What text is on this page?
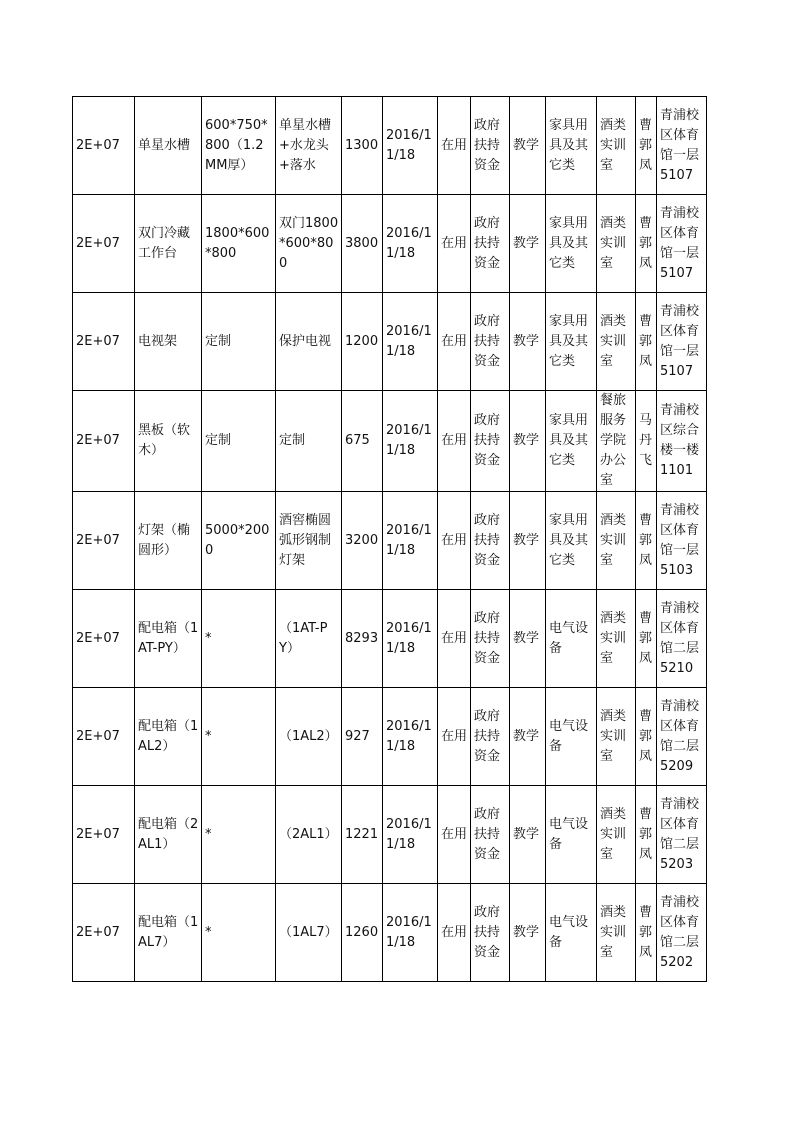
2E+07	单星水槽	600*750*800（1.2MM厚）	单星水槽+水龙头+落水	1300	2016/11/18	在用	政府扶持资金	教学	家具用具及其它类	酒类实训室	曹郭凤	青浦校区体育馆一层5107
2E+07	双门冷藏工作台	1800*600*800	双门1800*600*800	3800	2016/11/18	在用	政府扶持资金	教学	家具用具及其它类	酒类实训室	曹郭凤	青浦校区体育馆一层5107
2E+07	电视架	定制	保护电视	1200	2016/11/18	在用	政府扶持资金	教学	家具用具及其它类	酒类实训室	曹郭凤	青浦校区体育馆一层5107
2E+07	黑板（软木）	定制	定制	675	2016/11/18	在用	政府扶持资金	教学	家具用具及其它类	餐旅服务学院办公室	马丹飞	青浦校区综合楼一楼1101
2E+07	灯架（椭圆形）	5000*2000	酒窖椭圆弧形钢制灯架	3200	2016/11/18	在用	政府扶持资金	教学	家具用具及其它类	酒类实训室	曹郭凤	青浦校区体育馆一层5103
2E+07	配电箱（1AT-PY）	*	（1AT-PY）	8293	2016/11/18	在用	政府扶持资金	教学	电气设备	酒类实训室	曹郭凤	青浦校区体育馆二层5210
2E+07	配电箱（1AL2）	*	（1AL2）	927	2016/11/18	在用	政府扶持资金	教学	电气设备	酒类实训室	曹郭凤	青浦校区体育馆二层5209
2E+07	配电箱（2AL1）	*	（2AL1）	1221	2016/11/18	在用	政府扶持资金	教学	电气设备	酒类实训室	曹郭凤	青浦校区体育馆二层5203
2E+07	配电箱（1AL7）	*	（1AL7）	1260	2016/11/18	在用	政府扶持资金	教学	电气设备	酒类实训室	曹郭凤	青浦校区体育馆二层5202
